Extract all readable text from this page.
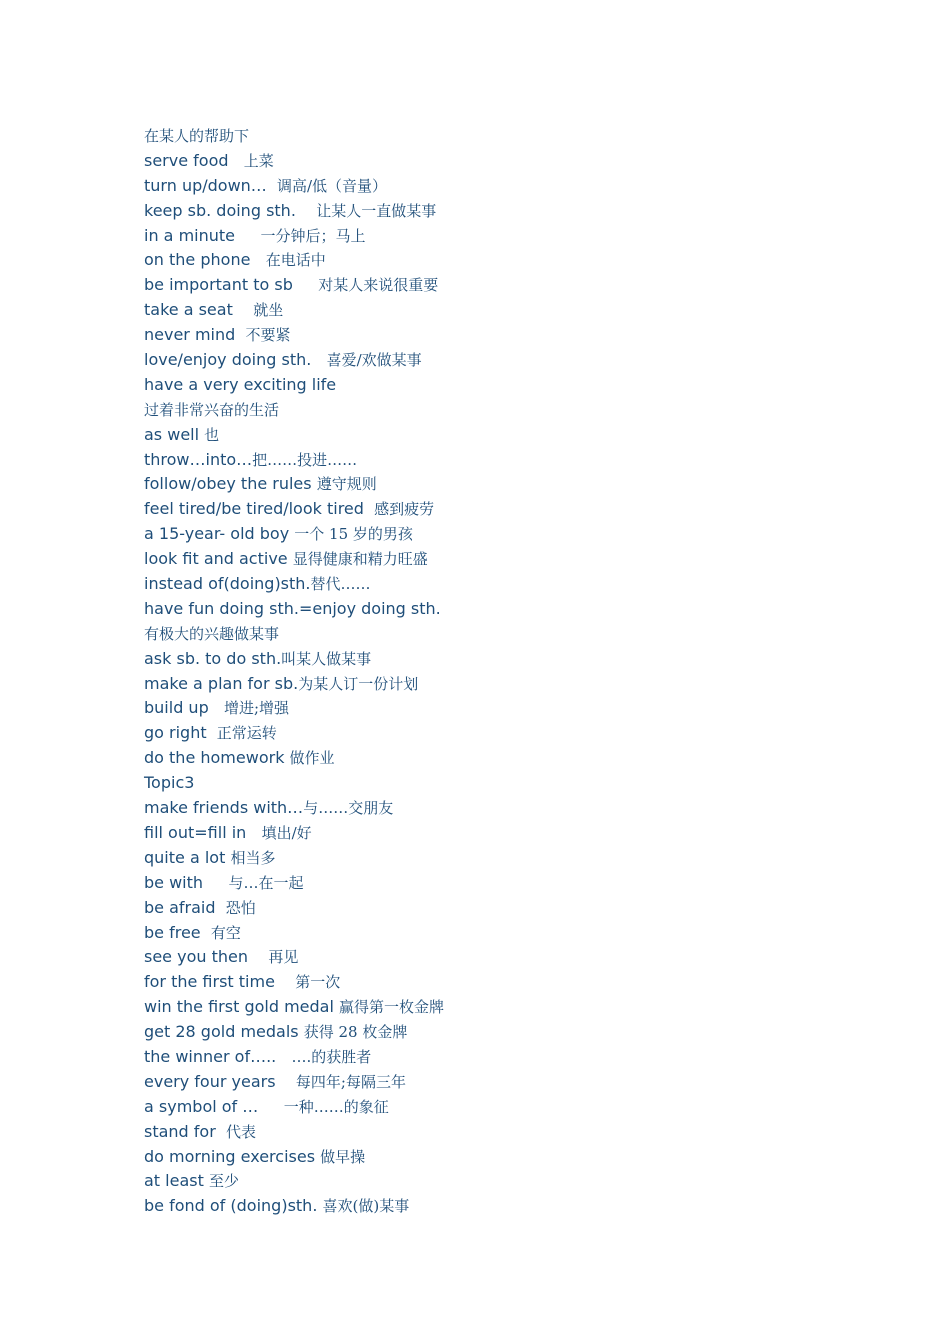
在某人的帮助下
serve food 上菜
turn up/down… 调高/低（音量）
keep sb. doing sth. 让某人一直做某事
in a minute 一分钟后；马上
on the phone 在电话中
be important to sb 对某人来说很重要
take a seat 就坐
never mind 不要紧
love/enjoy doing sth. 喜爱/欢做某事
have a very exciting life
过着非常兴奋的生活
as well 也
throw…into…把……投进……
follow/obey the rules 遵守规则
feel tired/be tired/look tired 感到疲劳
a 15-year- old boy 一个 15 岁的男孩
look fit and active 显得健康和精力旺盛
instead of(doing)sth.替代……
have fun doing sth.=enjoy doing sth.
有极大的兴趣做某事
ask sb. to do sth.叫某人做某事
make a plan for sb.为某人订一份计划
build up 增进;增强
go right 正常运转
do the homework 做作业
Topic3
make friends with…与……交朋友
fill out=fill in 填出/好
quite a lot 相当多
be with 与…在一起
be afraid 恐怕
be free 有空
see you then 再见
for the first time 第一次
win the first gold medal 赢得第一枚金牌
get 28 gold medals 获得 28 枚金牌
the winner of….. ….的获胜者
every four years 每四年;每隔三年
a symbol of … 一种……的象征
stand for 代表
do morning exercises 做早操
at least 至少
be fond of (doing)sth. 喜欢(做)某事
